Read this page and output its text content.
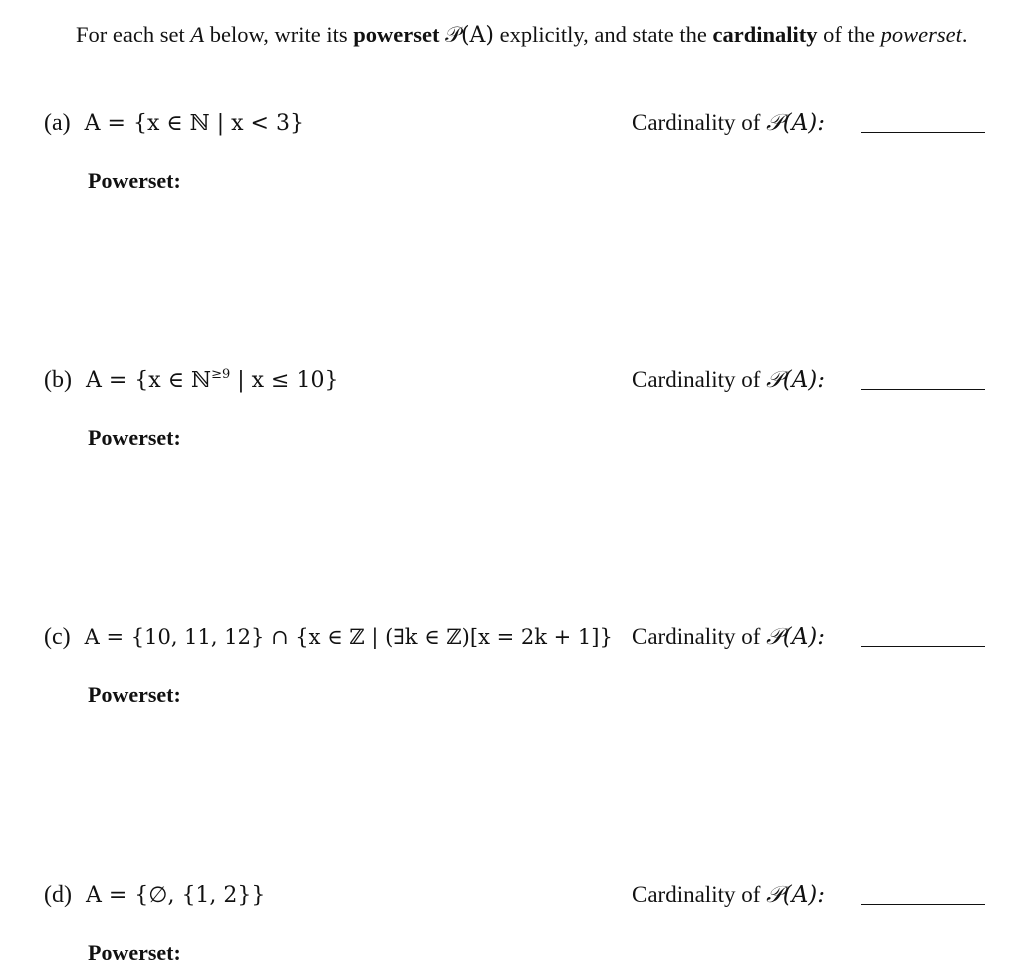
For each set A below, write its powerset 𝒫(A) explicitly, and state the cardinality of the powerset.
(a) A = {x ∈ ℕ | x < 3}	Cardinality of 𝒫(A):
Powerset:
(b) A = {x ∈ ℕ$^{\ge 9}$ | x ≤ 10}	Cardinality of 𝒫(A):
Powerset:
(c) A = {10, 11, 12} ∩ {x ∈ ℤ | (∃k ∈ ℤ)[x = 2k + 1]} Cardinality of 𝒫(A):
Powerset:
(d) A = {∅, {1, 2}}	Cardinality of 𝒫(A):
Powerset:
